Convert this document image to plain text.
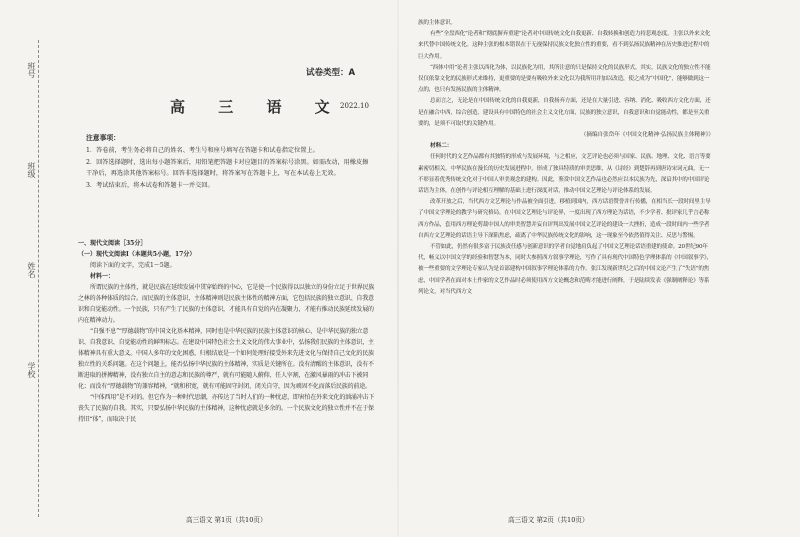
班级
姓名
学校
班号	试卷类型：A
高 三 语 文
2022.10
注意事项：

1．答卷前，考生务必将自己的姓名、考生号和座号填写在答题卡和试卷指定位置上。

2．回答选择题时，选出每小题答案后，用铅笔把答题卡对应题目的答案标号涂黑。如需改动，用橡皮擦干净后，再选涂其他答案标号。回答非选择题时，将答案写在答题卡上，写在本试卷上无效。

3．考试结束后，将本试卷和答题卡一并交回。

一、现代文阅读［35分］
（一）现代文阅读Ⅰ（本题共5小题，17分）
阅读下面的文字，完成1～5题。
材料一：

所谓民族的主体性，就是民族在延续发展中贯穿始终的中心，它是使一个民族得以以独立的身份立足于世界民族之林的各种体质的综合。而民族的主体意识，主体精神则是民族主体性的精神方面，它包括民族的独立意识、自我意识和自觉能动性。一个民族，只有产生了民族的主体意识，才能具有自觉的内在凝聚力，才能有推动民族延续发展的内在精神动力。

“自强不息”“厚德载物”的中国文化基本精神，同时也是中华民族的民族主体意识的核心，是中华民族的独立意识、自我意识、自觉能动性的鲜明标志。在建设中国特色社会主义文化的伟大事业中，弘扬我们民族的主体意识，主体精神具有重大意义。中国人多年的文化困惑，归根结底是一个如何处理好接受外来先进文化与保持自己文化的民族独立性的关系问题。在这个问题上，能否弘扬中华民族的主体精神，实质是关键所在。没有清醒的主体意识，没有不断进取的拼搏精神，没有独立自主的意志和民族的尊严，就有可能随人俯仰、任人宰割，在激风暴雨的冲击下被同化；而没有“厚德载物”的兼容精神，“就和积宽，就有可能固守封闭、闭关自守，因为顽固不化而落后民族的前途。

“中体西用”是不对的。但它作为一种时代思潮，亦传达了当时人们的一种忧虑，即害怕在外来文化的汹涌冲击下丧失了民族的自我。其实，只要弘扬中华民族的主体精神，这种忧虑就是多余的。一个民族文化的独立性并不在于保持旧“体”，而取决于民

族的主体意识。

有些“全盘西化”论者和“彻底摒弃重建”论者对中国传统文化自我更新、自我转换和创造力持悲观态度，主张以外来文化来代替中国传统文化。这种主张的根本错误在于无视保持民族文化独立性的重要，看不到弘扬民族精神在历史推进过程中的巨大作用。

“西体中用”论者主张以西化为体，以民族化为用，其所注意的只是保持文化的民族形式。其实，民族文化的独立性不能仅仅依靠文化的民族形式来维持，更重要的是要有吸收外来文化以为我所用并加以改造，使之成为“中国化”，能够做到这一点的，也只有发扬民族的主体精神。

总而言之，无论是在中国传统文化的自我更新，自我扬弃方面，还是在大量引进、容纳、消化、吸收西方文化方面，还是在融合中西，综合创造，建设具有中国特色的社会主义文化方面，民族的独立意识，自我意识和自觉能动性，都是至关重要的，是须不可取代的关键作用。

（摘编自张岱年《中国文化精神·弘扬民族主体精神》）
材料二：

任何时代的文艺作品都有其独特的形成与发展环境，与之相应，文艺评论也必须与国家、民族、地理、文化、语言等要素密切相关。中华民族在漫长的历史发展进程中，形成了独具特质的审美思维，从《诗经》到楚辞再到唐诗宋词元曲，无一不彰显着优秀传统文化对于中国人审美观念的建构。因此，鉴赏中国文艺作品也必然应以本民族为先，深谙其中的中国评论话语为主体，在创作与评论相互理解的基础上进行深度对话，推动中国文艺理论与评论体系的发展。

改革开放之后，当代西方文艺理论与作品被全面引进，移植到国内，西方话语赞誉并行传播，在相当长一段时间里主导了中国文学理论的教学与研究格局。在中国文艺理论与评论界，一度出现了西方理论为话语，不少学者、批评家几乎言必称西方作品，套用西方理论剪裁中国人的审美智慧并妄自评判出发展中国文艺评论的建设一大挫折，造成一段时间内一些学者自西方文艺理论的话语主导下深陷焦虑，疏离了中华民族传统文化的影响，这一现象至今依然值得关注、反思与警惕。

不管如此，仍然有很多富于民族责任感与创新意识的学者自觉地肩负起了中国文艺理论话语重建的使命。20世纪90年代，畅义以中国文学的经验和智慧为本，同时大参照西方叙事学理论，写作了具有现代中国特色学理体系的《中国叙事学》，被一些重要的文学理论专家认为是首部建构中国叙事学理论体系的力作。张江发现新世纪之后的中国文论产生了“失语”的焦虑，中国学者在面对本土作家的文艺作品时必须使用西方文论概念和范畴才能进行阐释，于是陆续发表《强制阐释论》等系列论文，对当代西方文

高三语文 第1页（共10页）	高三语文 第2页（共10页）
